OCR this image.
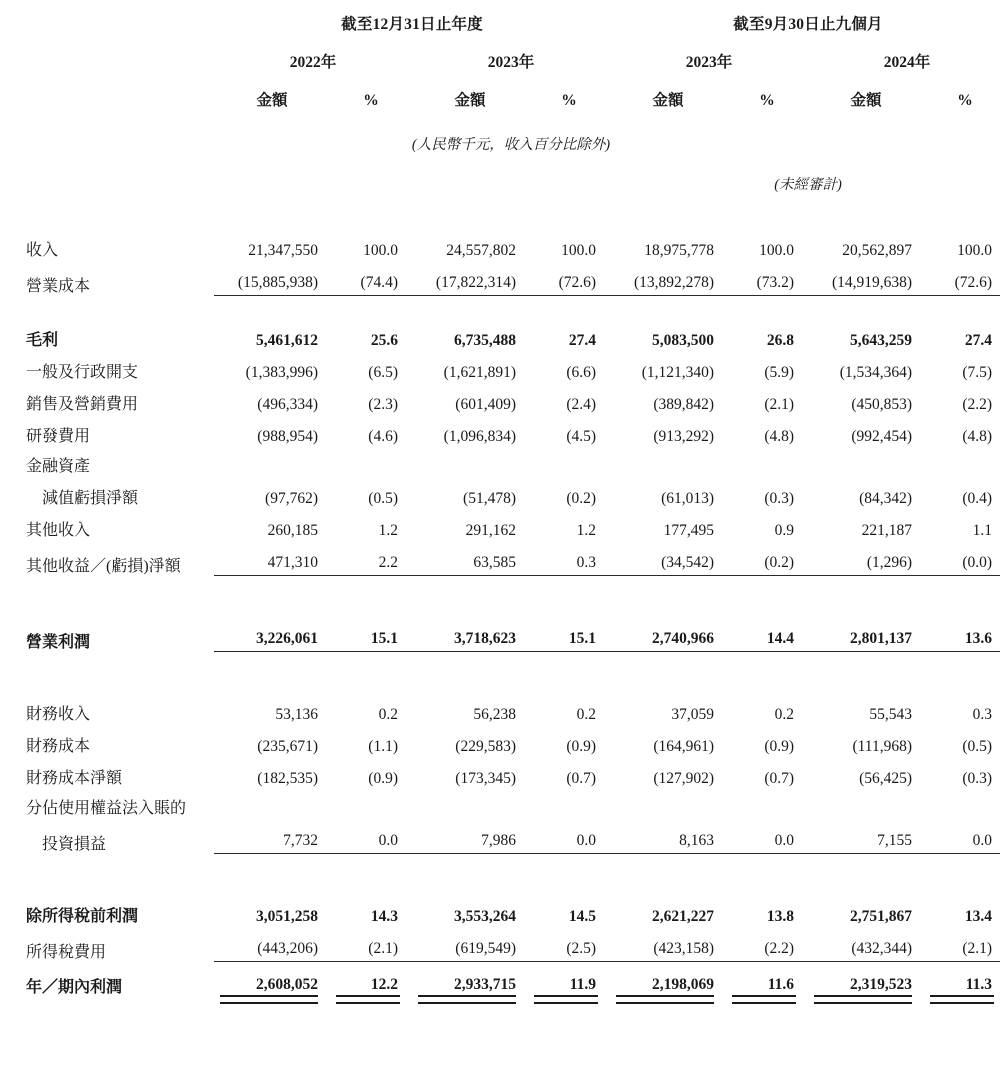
	截至12月31日止年度				截至9月30日止九個月			
	2022年		2023年		2023年		2024年	
	金額	%	金額	%	金額	%	金額	%
	(人民幣千元，收入百分比除外)							
					(未經審計)			

收入	21,347,550	100.0	24,557,802	100.0	18,975,778	100.0	20,562,897	100.0
營業成本	(15,885,938)	(74.4)	(17,822,314)	(72.6)	(13,892,278)	(73.2)	(14,919,638)	(72.6)

毛利	5,461,612	25.6	6,735,488	27.4	5,083,500	26.8	5,643,259	27.4
一般及行政開支	(1,383,996)	(6.5)	(1,621,891)	(6.6)	(1,121,340)	(5.9)	(1,534,364)	(7.5)
銷售及營銷費用	(496,334)	(2.3)	(601,409)	(2.4)	(389,842)	(2.1)	(450,853)	(2.2)
研發費用	(988,954)	(4.6)	(1,096,834)	(4.5)	(913,292)	(4.8)	(992,454)	(4.8)
金融資產								
減值虧損淨額	(97,762)	(0.5)	(51,478)	(0.2)	(61,013)	(0.3)	(84,342)	(0.4)
其他收入	260,185	1.2	291,162	1.2	177,495	0.9	221,187	1.1
其他收益／(虧損)淨額	471,310	2.2	63,585	0.3	(34,542)	(0.2)	(1,296)	(0.0)

營業利潤	3,226,061	15.1	3,718,623	15.1	2,740,966	14.4	2,801,137	13.6

財務收入	53,136	0.2	56,238	0.2	37,059	0.2	55,543	0.3
財務成本	(235,671)	(1.1)	(229,583)	(0.9)	(164,961)	(0.9)	(111,968)	(0.5)
財務成本淨額	(182,535)	(0.9)	(173,345)	(0.7)	(127,902)	(0.7)	(56,425)	(0.3)
分佔使用權益法入賬的								
投資損益	7,732	0.0	7,986	0.0	8,163	0.0	7,155	0.0

除所得稅前利潤	3,051,258	14.3	3,553,264	14.5	2,621,227	13.8	2,751,867	13.4
所得稅費用	(443,206)	(2.1)	(619,549)	(2.5)	(423,158)	(2.2)	(432,344)	(2.1)
年／期內利潤	2,608,052	12.2	2,933,715	11.9	2,198,069	11.6	2,319,523	11.3
